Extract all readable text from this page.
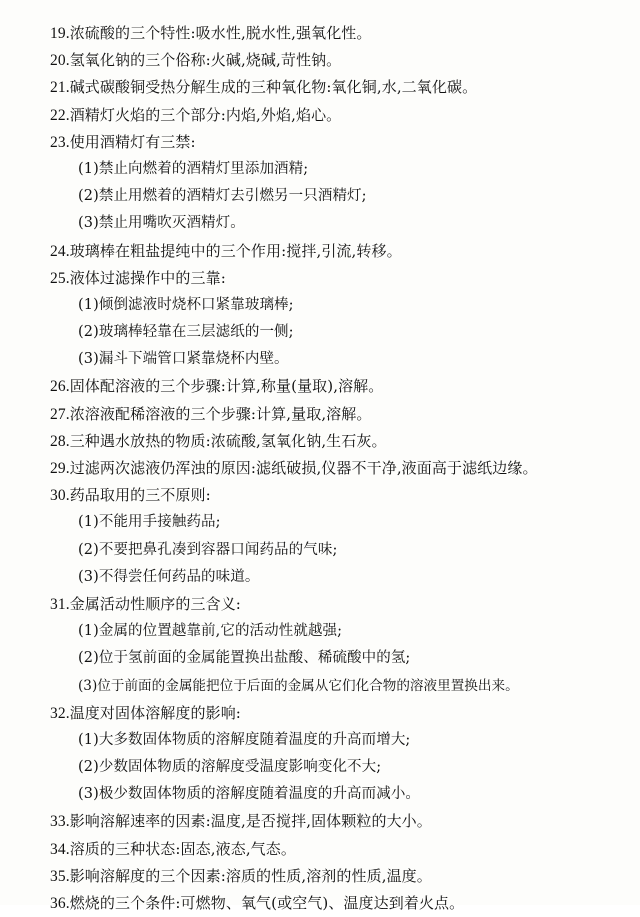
19.浓硫酸的三个特性:吸水性,脱水性,强氧化性。
20.氢氧化钠的三个俗称:火碱,烧碱,苛性钠。
21.碱式碳酸铜受热分解生成的三种氧化物:氧化铜,水,二氧化碳。
22.酒精灯火焰的三个部分:内焰,外焰,焰心。
23.使用酒精灯有三禁:
(1)禁止向燃着的酒精灯里添加酒精;
(2)禁止用燃着的酒精灯去引燃另一只酒精灯;
(3)禁止用嘴吹灭酒精灯。
24.玻璃棒在粗盐提纯中的三个作用:搅拌,引流,转移。
25.液体过滤操作中的三靠:
(1)倾倒滤液时烧杯口紧靠玻璃棒;
(2)玻璃棒轻靠在三层滤纸的一侧;
(3)漏斗下端管口紧靠烧杯内壁。
26.固体配溶液的三个步骤:计算,称量(量取),溶解。
27.浓溶液配稀溶液的三个步骤:计算,量取,溶解。
28.三种遇水放热的物质:浓硫酸,氢氧化钠,生石灰。
29.过滤两次滤液仍浑浊的原因:滤纸破损,仪器不干净,液面高于滤纸边缘。
30.药品取用的三不原则:
(1)不能用手接触药品;
(2)不要把鼻孔凑到容器口闻药品的气味;
(3)不得尝任何药品的味道。
31.金属活动性顺序的三含义:
(1)金属的位置越靠前,它的活动性就越强;
(2)位于氢前面的金属能置换出盐酸、稀硫酸中的氢;
(3)位于前面的金属能把位于后面的金属从它们化合物的溶液里置换出来。
32.温度对固体溶解度的影响:
(1)大多数固体物质的溶解度随着温度的升高而增大;
(2)少数固体物质的溶解度受温度影响变化不大;
(3)极少数固体物质的溶解度随着温度的升高而减小。
33.影响溶解速率的因素:温度,是否搅拌,固体颗粒的大小。
34.溶质的三种状态:固态,液态,气态。
35.影响溶解度的三个因素:溶质的性质,溶剂的性质,温度。
36.燃烧的三个条件:可燃物、氧气(或空气)、温度达到着火点。
